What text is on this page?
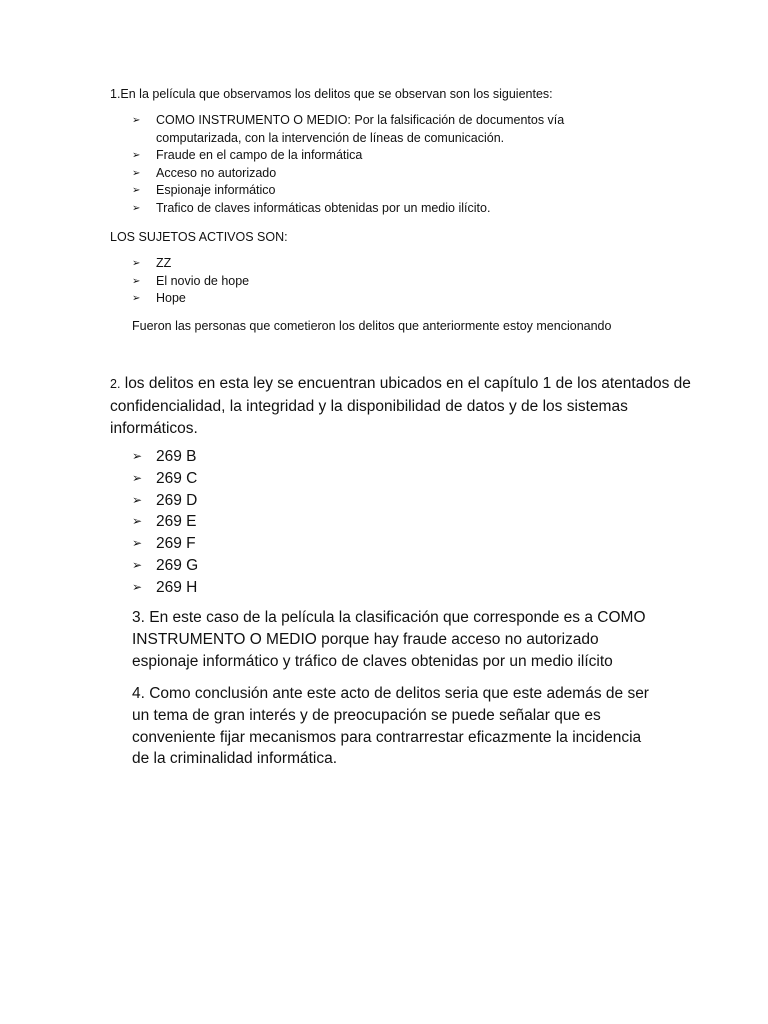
1.En la película que observamos los delitos que se observan son los siguientes:

➢	COMO INSTRUMENTO O MEDIO: Por la falsificación de documentos vía computarizada, con la intervención de líneas de comunicación.
➢	Fraude en el campo de la informática
➢	Acceso no autorizado
➢	Espionaje informático
➢	Trafico de claves informáticas obtenidas por un medio ilícito.

LOS SUJETOS ACTIVOS SON:

➢	ZZ
➢	El novio de hope
➢	Hope

Fueron las personas que cometieron los delitos que anteriormente estoy mencionando

2. los delitos en esta ley se encuentran ubicados en el capítulo 1 de los atentados de confidencialidad, la integridad y la disponibilidad de datos y de los sistemas informáticos.

➢ 269 B
➢ 269 C
➢ 269 D
➢ 269 E
➢ 269 F
➢ 269 G
➢ 269 H

3. En este caso de la película la clasificación que corresponde es a COMO INSTRUMENTO O MEDIO porque hay fraude acceso no autorizado espionaje informático y tráfico de claves obtenidas por un medio ilícito

4. Como conclusión ante este acto de delitos seria que este además de ser un tema de gran interés y de preocupación se puede señalar que es conveniente fijar mecanismos para contrarrestar eficazmente la incidencia de la criminalidad informática.
